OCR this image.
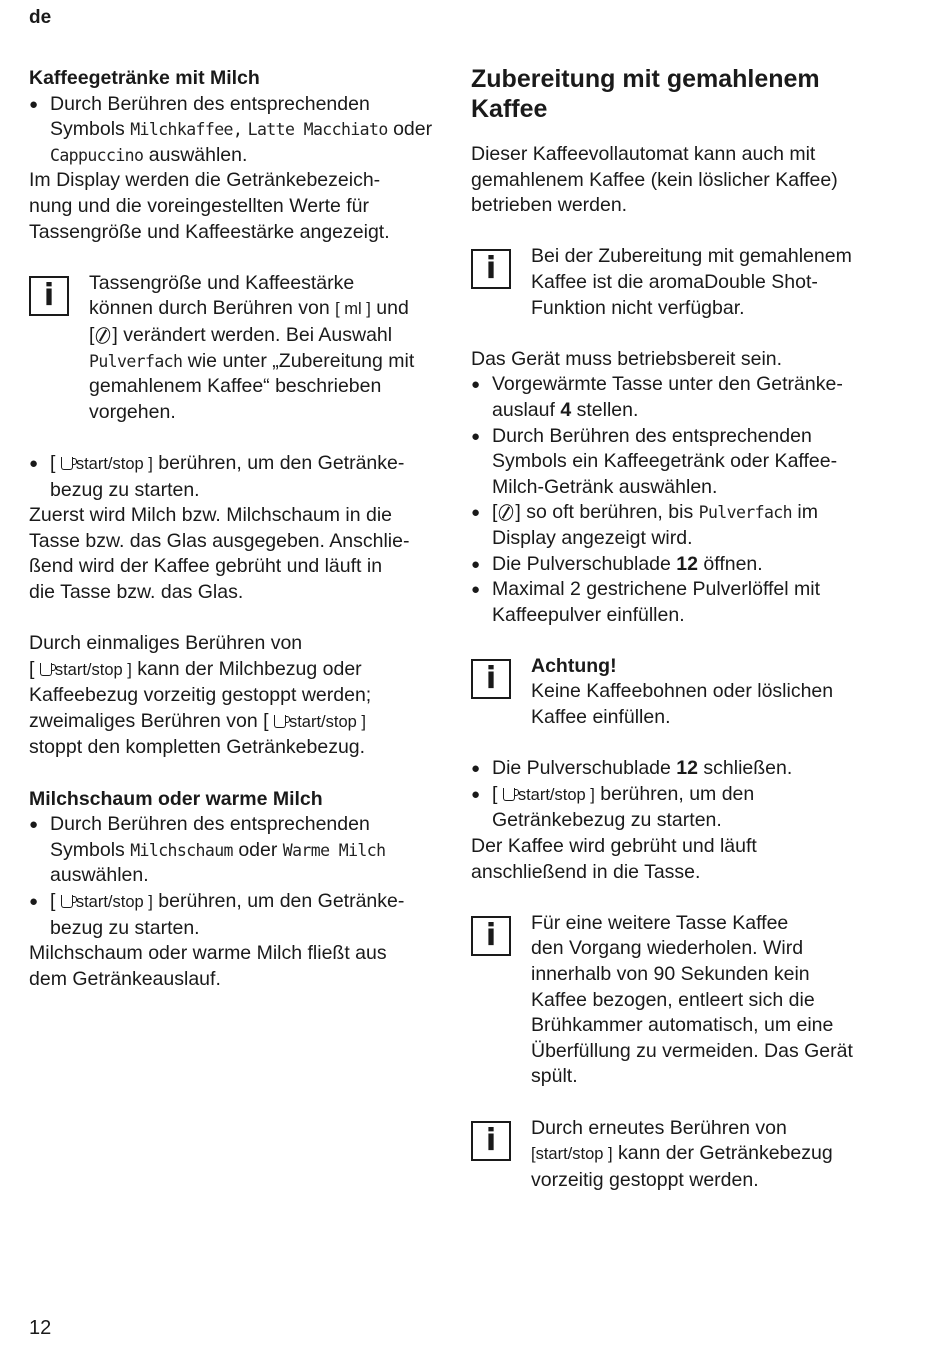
de
Kaffeegetränke mit Milch
● Durch Berühren des entsprechenden
Symbols Milchkaffee, Latte Macchiato oder
Cappuccino auswählen.
Im Display werden die Getränkebezeich-
nung und die voreingestellten Werte für
Tassengröße und Kaffeestärke angezeigt.
i	Tassengröße und Kaffeestärke
können durch Berühren von [ ml ] und
[ ] verändert werden. Bei Auswahl
Pulverfach wie unter „Zubereitung mit
gemahlenem Kaffee“ beschrieben
vorgehen.
● [ start/stop ] berühren, um den Getränke-
bezug zu starten.
Zuerst wird Milch bzw. Milchschaum in die
Tasse bzw. das Glas ausgegeben. Anschlie-
ßend wird der Kaffee gebrüht und läuft in
die Tasse bzw. das Glas.
Durch einmaliges Berühren von
[ start/stop ] kann der Milchbezug oder
Kaffeebezug vorzeitig gestoppt werden;
zweimaliges Berühren von [ start/stop ]
stoppt den kompletten Getränkebezug.
Milchschaum oder warme Milch
● Durch Berühren des entsprechenden
Symbols Milchschaum oder Warme Milch
auswählen.
● [ start/stop ] berühren, um den Getränke-
bezug zu starten.
Milchschaum oder warme Milch fließt aus
dem Getränkeauslauf.
Zubereitung mit gemahlenem
Kaffee
Dieser Kaffeevollautomat kann auch mit
gemahlenem Kaffee (kein löslicher Kaffee)
betrieben werden.
i	Bei der Zubereitung mit gemahlenem
Kaffee ist die aromaDouble Shot-
Funktion nicht verfügbar.
Das Gerät muss betriebsbereit sein.
● Vorgewärmte Tasse unter den Getränke-
auslauf 4 stellen.
● Durch Berühren des entsprechenden
Symbols ein Kaffeegetränk oder Kaffee-
Milch-Getränk auswählen.
● [ ] so oft berühren, bis Pulverfach im
Display angezeigt wird.
● Die Pulverschublade 12 öffnen.
● Maximal 2 gestrichene Pulverlöffel mit
Kaffeepulver einfüllen.
i	Achtung!
Keine Kaffeebohnen oder löslichen
Kaffee einfüllen.
● Die Pulverschublade 12 schließen.
● [ start/stop ] berühren, um den
Getränkebezug zu starten.
Der Kaffee wird gebrüht und läuft
anschließend in die Tasse.
i	Für eine weitere Tasse Kaffee
den Vorgang wiederholen. Wird
innerhalb von 90 Sekunden kein
Kaffee bezogen, entleert sich die
Brühkammer automatisch, um eine
Überfüllung zu vermeiden. Das Gerät
spült.
i	Durch erneutes Berühren von
[start/stop ] kann der Getränkebezug
vorzeitig gestoppt werden.
12
